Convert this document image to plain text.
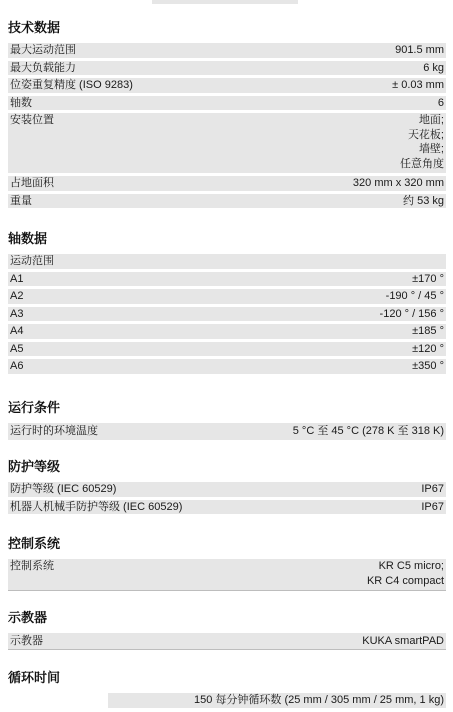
技术数据
最大运动范围	901.5 mm
最大负载能力	6 kg
位姿重复精度 (ISO 9283)	± 0.03 mm
轴数	6
安装位置	地面;
天花板;
墙壁;
任意角度
占地面积	320 mm x 320 mm
重量	约 53 kg
轴数据
运动范围
A1	±170 °
A2	-190 ° / 45 °
A3	-120 ° / 156 °
A4	±185 °
A5	±120 °
A6	±350 °
运行条件
运行时的环境温度	5 °C 至 45 °C (278 K 至 318 K)
防护等级
防护等级 (IEC 60529)	IP67
机器人机械手防护等级 (IEC 60529)	IP67
控制系统
控制系统	KR C5 micro;
KR C4 compact
示教器
示教器	KUKA smartPAD
循环时间
150 每分钟循环数 (25 mm / 305 mm / 25 mm, 1 kg)
